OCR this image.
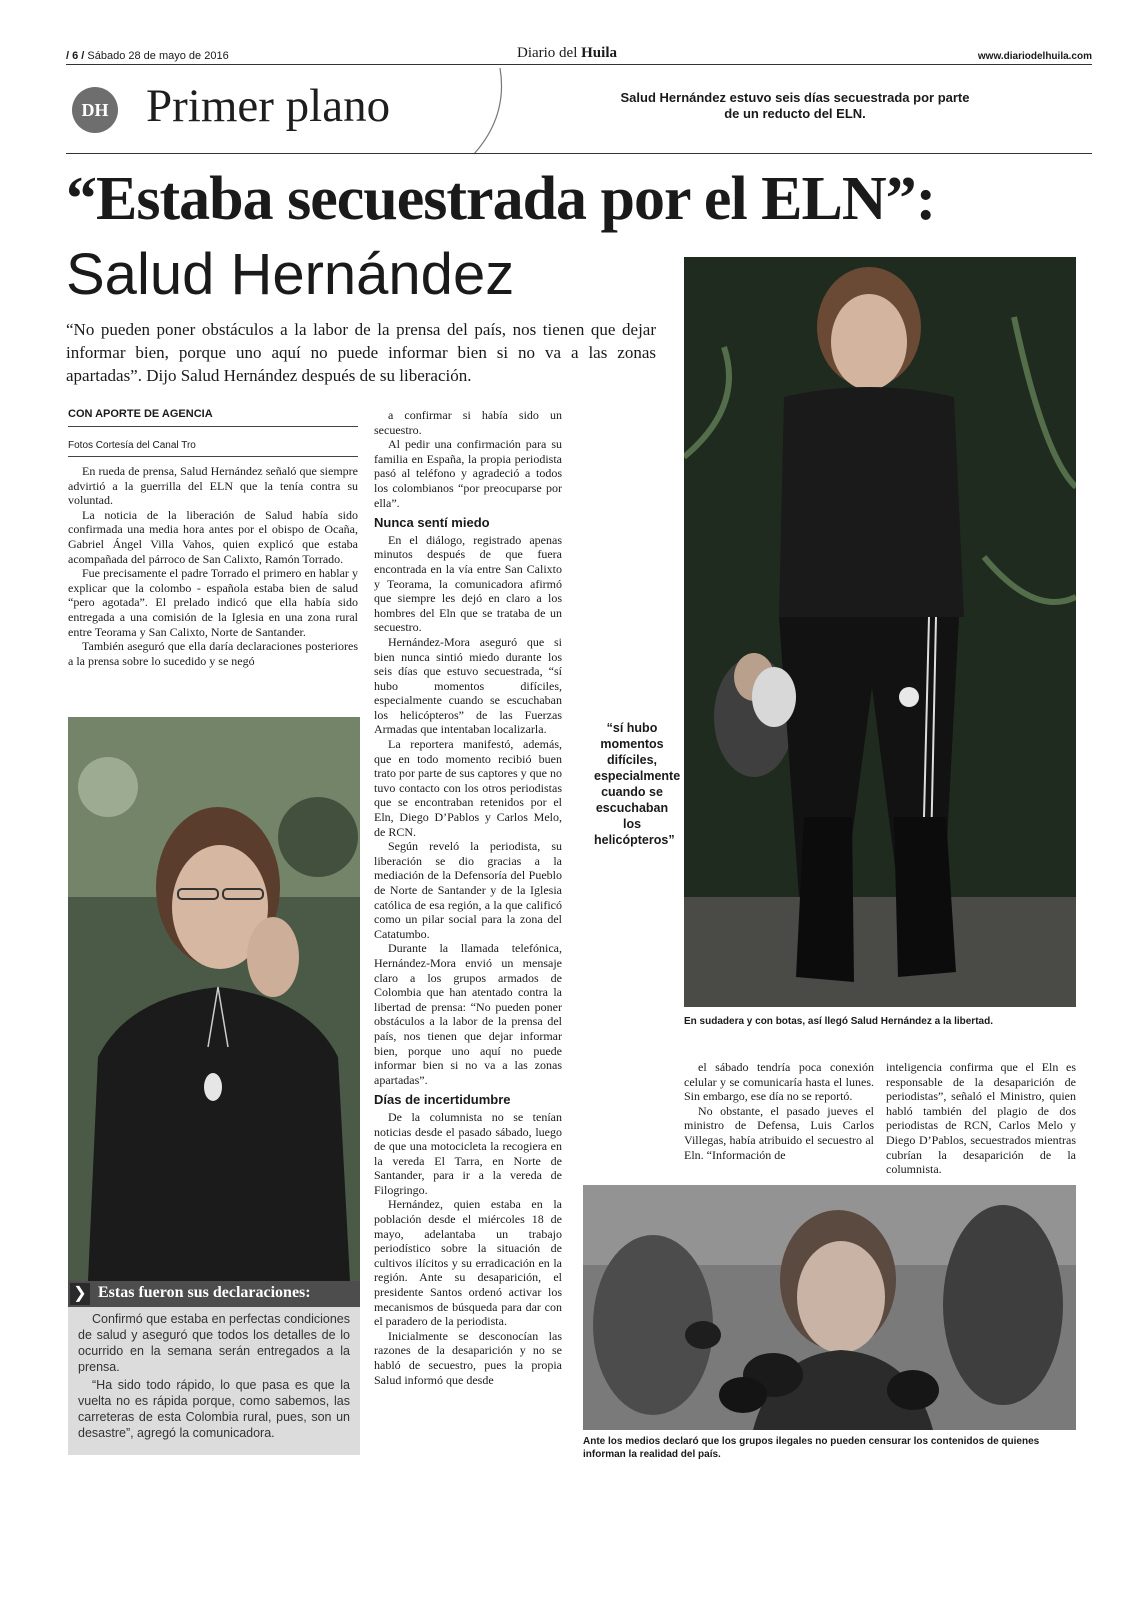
/ 6 / Sábado 28 de mayo de 2016	Diario del Huila	www.diariodelhuila.com
DH Primer plano	Salud Hernández estuvo seis días secuestrada por parte de un reducto del ELN.
“Estaba secuestrada por el ELN”:
Salud Hernández
“No pueden poner obstáculos a la labor de la prensa del país, nos tienen que dejar informar bien, porque uno aquí no puede informar bien si no va a las zonas apartadas”. Dijo Salud Hernández después de su liberación.
CON APORTE DE AGENCIA
Fotos Cortesía del Canal Tro

En rueda de prensa, Salud Hernández señaló que siempre advirtió a la guerrilla del ELN que la tenía contra su voluntad.

La noticia de la liberación de Salud había sido confirmada una media hora antes por el obispo de Ocaña, Gabriel Ángel Villa Vahos, quien explicó que estaba acompañada del párroco de San Calixto, Ramón Torrado.

Fue precisamente el padre Torrado el primero en hablar y explicar que la colombo - española estaba bien de salud “pero agotada”. El prelado indicó que ella había sido entregada a una comisión de la Iglesia en una zona rural entre Teorama y San Calixto, Norte de Santander.

También aseguró que ella daría declaraciones posteriores a la prensa sobre lo sucedido y se negó

❯ Estas fueron sus declaraciones:

Confirmó que estaba en perfectas condiciones de salud y aseguró que todos los detalles de lo ocurrido en la semana serán entregados a la prensa.

“Ha sido todo rápido, lo que pasa es que la vuelta no es rápida porque, como sabemos, las carreteras de esta Colombia rural, pues, son un desastre”, agregó la comunicadora.

a confirmar si había sido un secuestro.

Al pedir una confirmación para su familia en España, la propia periodista pasó al teléfono y agradeció a todos los colombianos “por preocuparse por ella”.

Nunca sentí miedo

En el diálogo, registrado apenas minutos después de que fuera encontrada en la vía entre San Calixto y Teorama, la comunicadora afirmó que siempre les dejó en claro a los hombres del Eln que se trataba de un secuestro.

Hernández-Mora aseguró que si bien nunca sintió miedo durante los seis días que estuvo secuestrada, “sí hubo momentos difíciles, especialmente cuando se escuchaban los helicópteros” de las Fuerzas Armadas que intentaban localizarla.

La reportera manifestó, además, que en todo momento recibió buen trato por parte de sus captores y que no tuvo contacto con los otros periodistas que se encontraban retenidos por el Eln, Diego D’Pablos y Carlos Melo, de RCN.

Según reveló la periodista, su liberación se dio gracias a la mediación de la Defensoría del Pueblo de Norte de Santander y de la Iglesia católica de esa región, a la que calificó como un pilar social para la zona del Catatumbo.

Durante la llamada telefónica, Hernández-Mora envió un mensaje claro a los grupos armados de Colombia que han atentado contra la libertad de prensa: “No pueden poner obstáculos a la labor de la prensa del país, nos tienen que dejar informar bien, porque uno aquí no puede informar bien si no va a las zonas apartadas”.

Días de incertidumbre

De la columnista no se tenían noticias desde el pasado sábado, luego de que una motocicleta la recogiera en la vereda El Tarra, en Norte de Santander, para ir a la vereda de Filogringo.

Hernández, quien estaba en la población desde el miércoles 18 de mayo, adelantaba un trabajo periodístico sobre la situación de cultivos ilícitos y su erradicación en la región. Ante su desaparición, el presidente Santos ordenó activar los mecanismos de búsqueda para dar con el paradero de la periodista.

Inicialmente se desconocían las razones de la desaparición y no se habló de secuestro, pues la propia Salud informó que desde

“sí hubo momentos difíciles, especialmente cuando se escuchaban los helicópteros”
En sudadera y con botas, así llegó Salud Hernández a la libertad.

el sábado tendría poca conexión celular y se comunicaría hasta el lunes. Sin embargo, ese día no se reportó.

No obstante, el pasado jueves el ministro de Defensa, Luis Carlos Villegas, había atribuido el secuestro al Eln. “Información de

inteligencia confirma que el Eln es responsable de la desaparición de periodistas”, señaló el Ministro, quien habló también del plagio de dos periodistas de RCN, Carlos Melo y Diego D’Pablos, secuestrados mientras cubrían la desaparición de la columnista.

Ante los medios declaró que los grupos ilegales no pueden censurar los contenidos de quienes informan la realidad del país.
